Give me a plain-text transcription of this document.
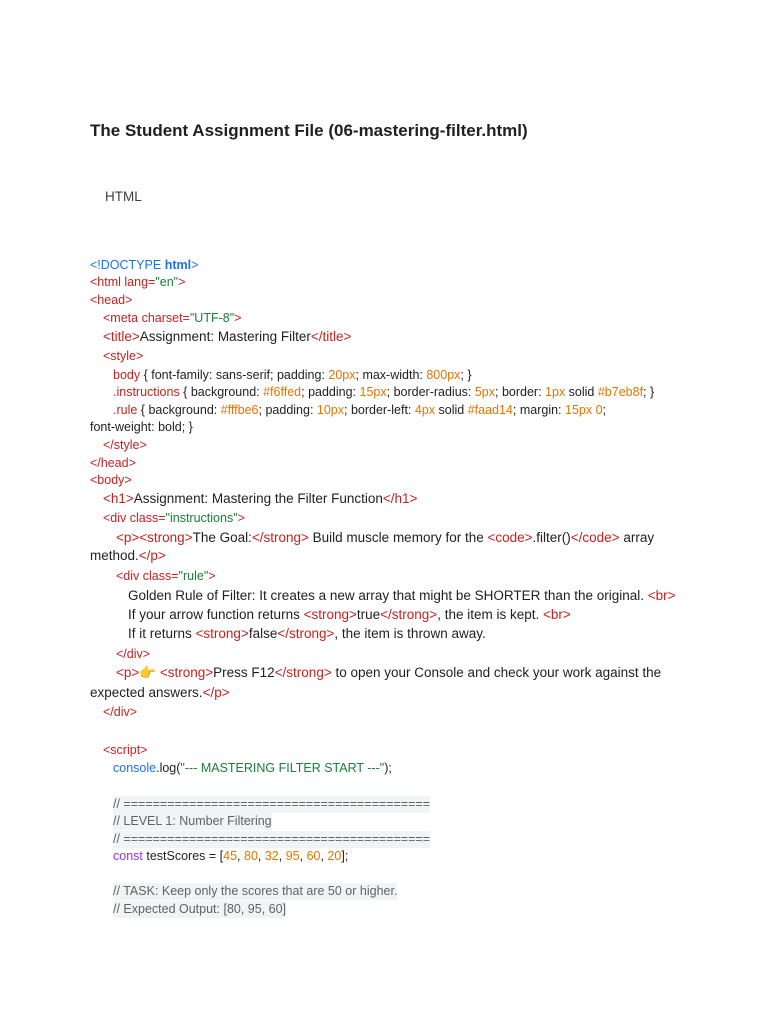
The Student Assignment File (06-mastering-filter.html)
HTML
<!DOCTYPE html>
<html lang="en">
<head>
<meta charset="UTF-8">
<title>Assignment: Mastering Filter</title>
<style>
body { font-family: sans-serif; padding: 20px; max-width: 800px; }
.instructions { background: #f6ffed; padding: 15px; border-radius: 5px; border: 1px solid #b7eb8f; }
.rule { background: #fffbe6; padding: 10px; border-left: 4px solid #faad14; margin: 15px 0;
font-weight: bold; }
</style>
</head>
<body>
<h1>Assignment: Mastering the Filter Function</h1>
<div class="instructions">
<p><strong>The Goal:</strong> Build muscle memory for the <code>.filter()</code> array
method.</p>
<div class="rule">
Golden Rule of Filter: It creates a new array that might be SHORTER than the original. <br>
If your arrow function returns <strong>true</strong>, the item is kept. <br>
If it returns <strong>false</strong>, the item is thrown away.
</div>
<p>👉 <strong>Press F12</strong> to open your Console and check your work against the
expected answers.</p>
</div>
<script>
console.log("--- MASTERING FILTER START ---");
// ==========================================
// LEVEL 1: Number Filtering
// ==========================================
const testScores = [45, 80, 32, 95, 60, 20];
// TASK: Keep only the scores that are 50 or higher.
// Expected Output: [80, 95, 60]
